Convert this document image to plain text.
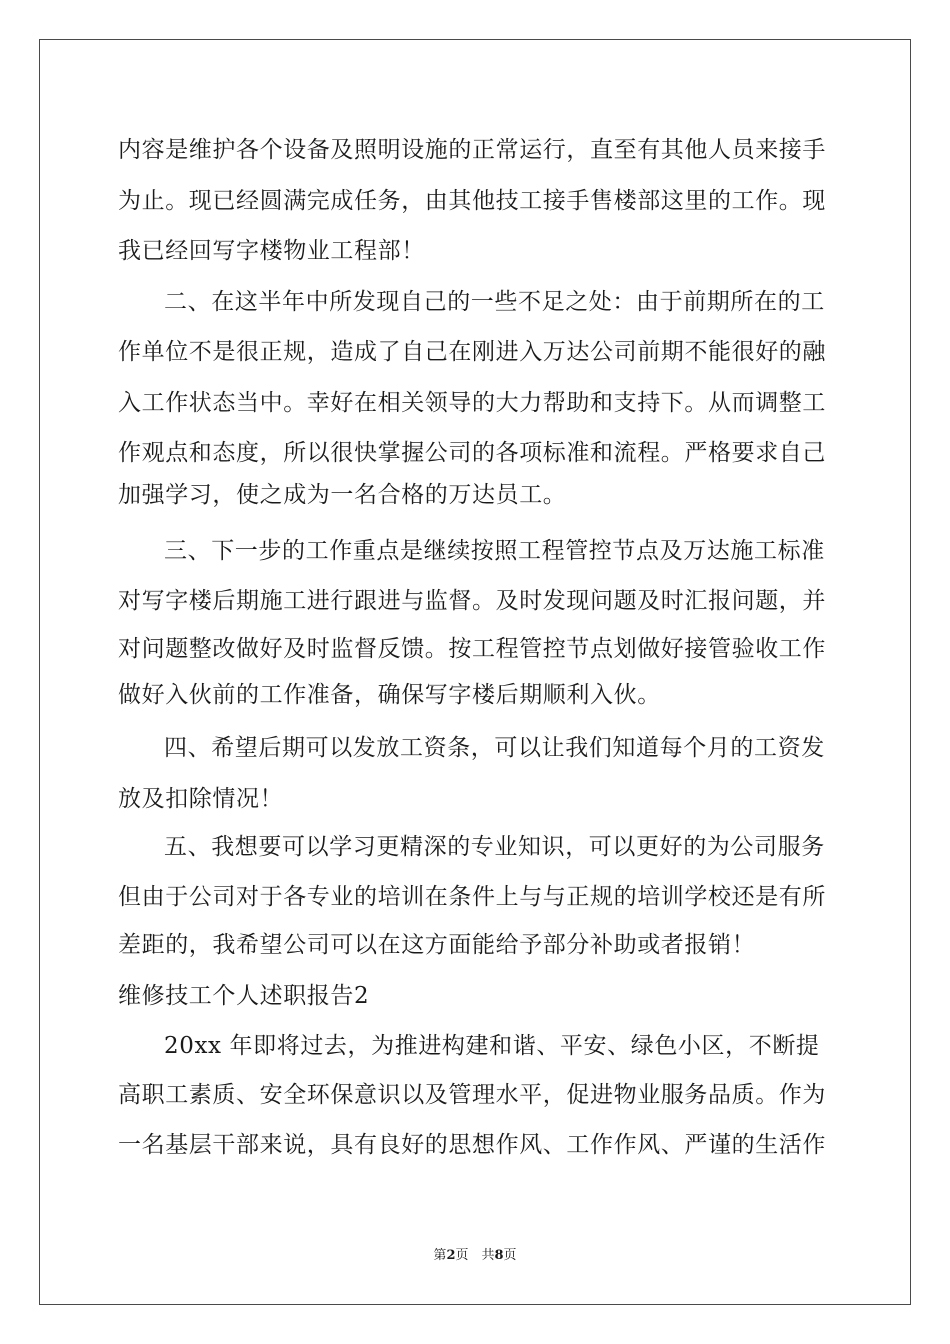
内容是维护各个设备及照明设施的正常运行，直至有其他人员来接手
为止。现已经圆满完成任务，由其他技工接手售楼部这里的工作。现
我已经回写字楼物业工程部！
二、在这半年中所发现自己的一些不足之处：由于前期所在的工
作单位不是很正规，造成了自己在刚进入万达公司前期不能很好的融
入工作状态当中。幸好在相关领导的大力帮助和支持下。从而调整工
作观点和态度，所以很快掌握公司的各项标准和流程。严格要求自己
加强学习，使之成为一名合格的万达员工。
三、下一步的工作重点是继续按照工程管控节点及万达施工标准
对写字楼后期施工进行跟进与监督。及时发现问题及时汇报问题，并
对问题整改做好及时监督反馈。按工程管控节点划做好接管验收工作
做好入伙前的工作准备，确保写字楼后期顺利入伙。
四、希望后期可以发放工资条，可以让我们知道每个月的工资发
放及扣除情况！
五、我想要可以学习更精深的专业知识，可以更好的为公司服务
但由于公司对于各专业的培训在条件上与与正规的培训学校还是有所
差距的，我希望公司可以在这方面能给予部分补助或者报销！
维修技工个人述职报告2
20xx 年即将过去，为推进构建和谐、平安、绿色小区，不断提
高职工素质、安全环保意识以及管理水平，促进物业服务品质。作为
一名基层干部来说，具有良好的思想作风、工作作风、严谨的生活作
第2页　共8页
